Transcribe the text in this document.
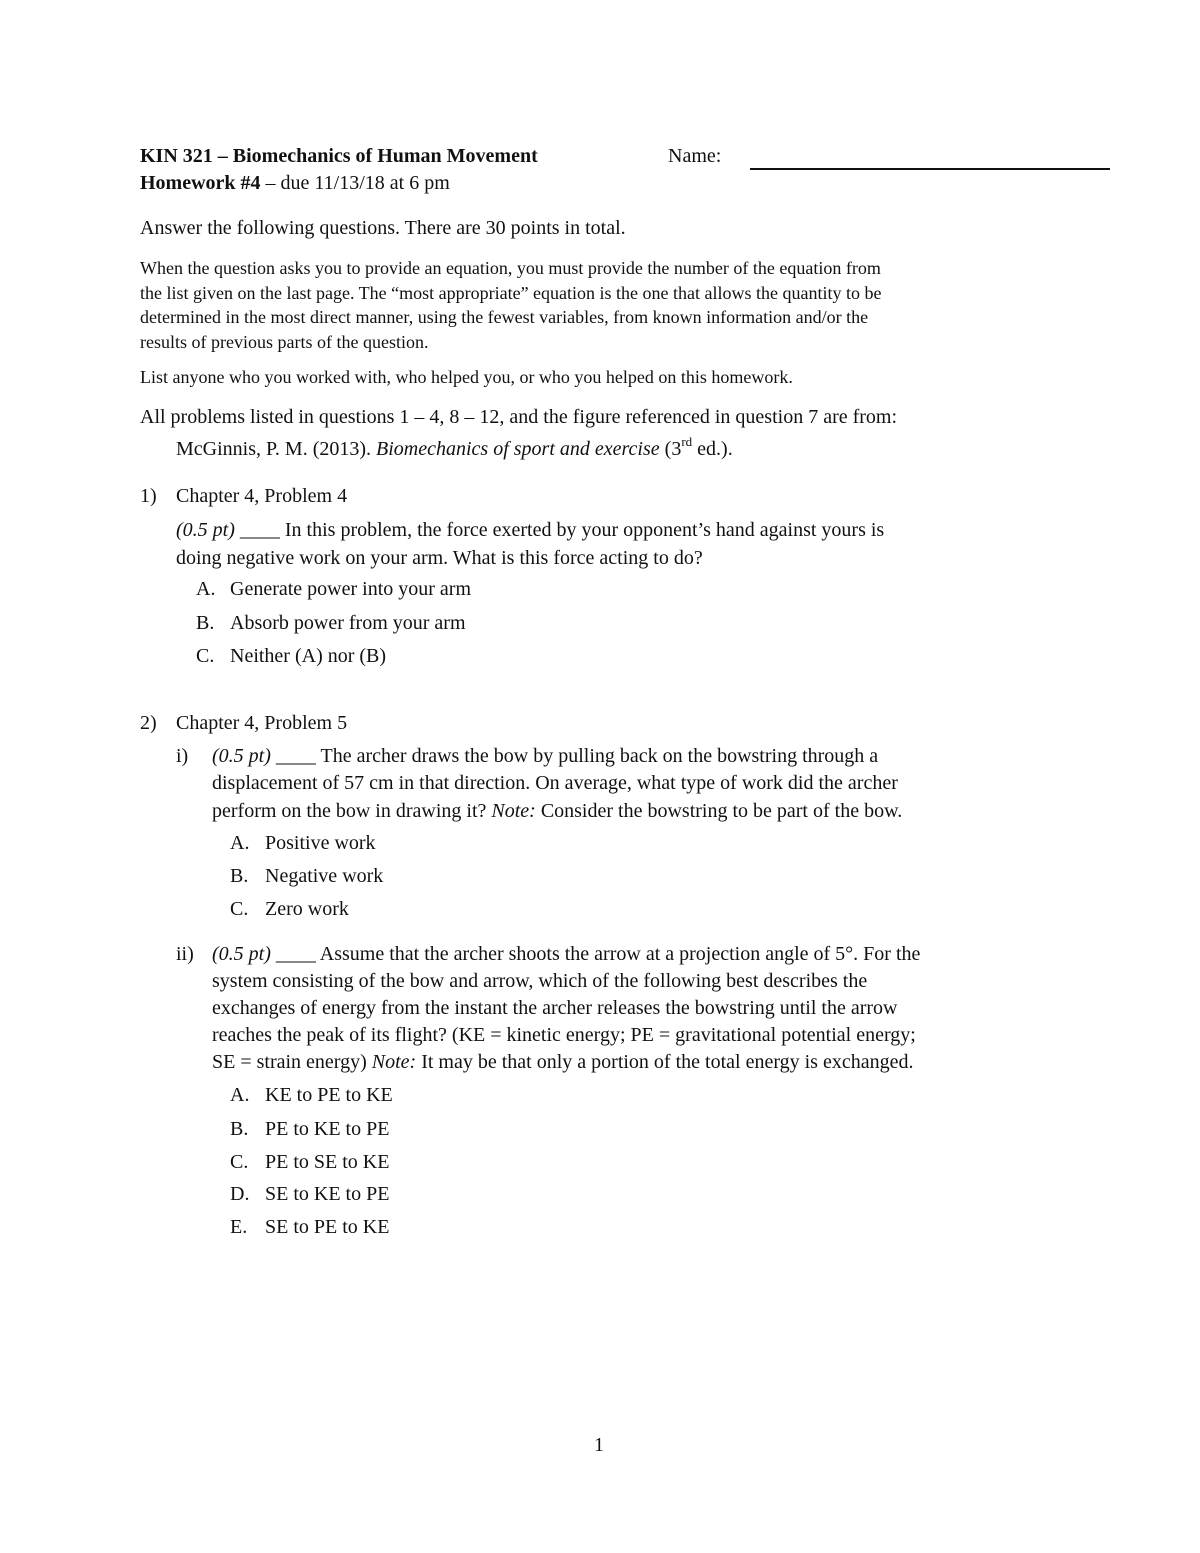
KIN 321 – Biomechanics of Human Movement	Name:
Homework #4 – due 11/13/18 at 6 pm
Answer the following questions. There are 30 points in total.
When the question asks you to provide an equation, you must provide the number of the equation from
the list given on the last page. The “most appropriate” equation is the one that allows the quantity to be
determined in the most direct manner, using the fewest variables, from known information and/or the
results of previous parts of the question.
List anyone who you worked with, who helped you, or who you helped on this homework.
All problems listed in questions 1 – 4, 8 – 12, and the figure referenced in question 7 are from:
McGinnis, P. M. (2013). Biomechanics of sport and exercise (3rd ed.).
1) Chapter 4, Problem 4
(0.5 pt) ____ In this problem, the force exerted by your opponent’s hand against yours is
doing negative work on your arm. What is this force acting to do?
A. Generate power into your arm
B. Absorb power from your arm
C. Neither (A) nor (B)
2) Chapter 4, Problem 5
i) (0.5 pt) ____ The archer draws the bow by pulling back on the bowstring through a
displacement of 57 cm in that direction. On average, what type of work did the archer
perform on the bow in drawing it? Note: Consider the bowstring to be part of the bow.
A. Positive work
B. Negative work
C. Zero work
ii) (0.5 pt) ____ Assume that the archer shoots the arrow at a projection angle of 5°. For the
system consisting of the bow and arrow, which of the following best describes the
exchanges of energy from the instant the archer releases the bowstring until the arrow
reaches the peak of its flight? (KE = kinetic energy; PE = gravitational potential energy;
SE = strain energy) Note: It may be that only a portion of the total energy is exchanged.
A. KE to PE to KE
B. PE to KE to PE
C. PE to SE to KE
D. SE to KE to PE
E. SE to PE to KE
1
